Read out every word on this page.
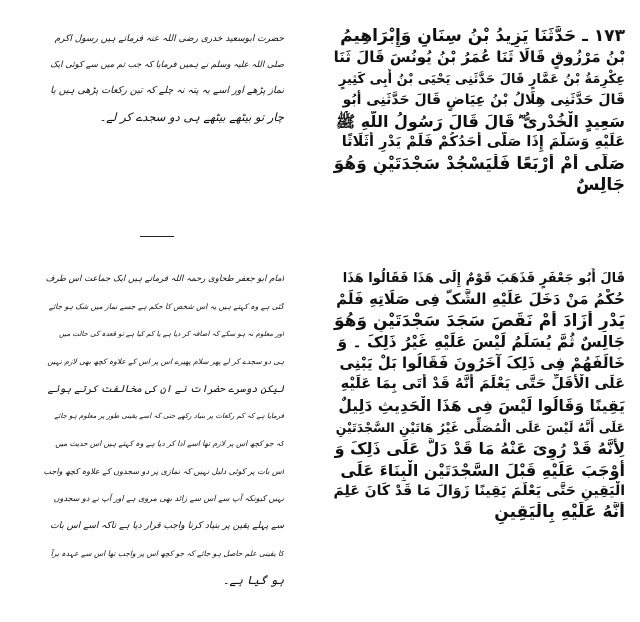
۱۷۳ ـ حَدَّثَنَا یَزِیدُ بْنُ سِنَانٍ وَإِبْرَاهِیمُ
بْنُ مَرْزُوقٍ قَالَا ثَنَا عُمَرُ بْنُ یُونُسَ قَالَ ثَنَا
عِکْرِمَةُ بْنُ عَمَّارٍ قَالَ حَدَّثَنِی یَحْیَی بْنُ أَبِی کَثِیرٍ
قَالَ حَدَّثَنِی هِلَالُ بْنُ عِیَاضٍ قَالَ حَدَّثَنِی أَبُو
سَعِیدٍ الْخُدْرِیُّ ؓ قَالَ قَالَ رَسُولُ اللَّهِ ﷺ
عَلَیْهِ وَسَلَّمَ إِذَا صَلَّى أَحَدُکُمْ فَلَمْ یَدْرِ أَثَلَاثًا
صَلَّى أَمْ أَرْبَعًا فَلْیَسْجُدْ سَجْدَتَیْنِ وَهُوَ
جَالِسٌ
حضرت ابوسعید خدری رضی اللہ عنہ فرماتے ہیں رسول اکرم
صلی اللہ علیہ وسلم نے ہمیں فرمایا کہ جب تم میں سے کوئی ایک
نماز پڑھے اور اسے یہ پتہ نہ چلے کہ تین رکعات پڑھی ہیں یا
چار تو بیٹھے بیٹھے ہی دو سجدے کر لے۔
قَالَ أَبُو جَعْفَرٍ فَذَهَبَ قَوْمٌ إِلَى هَذَا فَقَالُوا هَذَا
حُکْمُ مَنْ دَخَلَ عَلَیْهِ الشَّکُّ فِی صَلَاتِهِ فَلَمْ
یَدْرِ أَزَادَ أَمْ نَقَصَ سَجَدَ سَجْدَتَیْنِ وَهُوَ
جَالِسٌ ثُمَّ یُسَلِّمُ لَیْسَ عَلَیْهِ غَیْرُ ذَلِکَ ۔ وَ
خَالَفَهُمْ فِی ذَلِکَ آخَرُونَ فَقَالُوا بَلْ یَبْنِی
عَلَى الْأَقَلِّ حَتَّى یَعْلَمَ أَنَّهُ قَدْ أَتَى بِمَا عَلَیْهِ
یَقِینًا وَقَالُوا لَیْسَ فِی هَذَا الْحَدِیثِ دَلِیلٌ
عَلَى أَنَّهُ لَیْسَ عَلَى الْمُصَلِّی غَیْرُ هَاتَیْنِ السَّجْدَتَیْنِ
لِأَنَّهُ قَدْ رُوِیَ عَنْهُ مَا قَدْ دَلَّ عَلَى ذَلِکَ وَ
أَوْجَبَ عَلَیْهِ قَبْلَ السَّجْدَتَیْنِ الْبِنَاءَ عَلَى
الْیَقِینِ حَتَّى یَعْلَمَ یَقِینًا زَوَالَ مَا قَدْ کَانَ عَلِمَ
أَنَّهُ عَلَیْهِ بِالْیَقِینِ
امام ابو جعفر طحاوی رحمہ اللہ فرماتے ہیں ایک جماعت اس طرف
گئی ہے وہ کہتے ہیں یہ اس شخص کا حکم ہے جسے نماز میں شک ہو جائے
اور معلوم نہ ہو سکے کہ اضافہ کر دیا ہے یا کم کیا ہے تو قعدہ کی حالت میں
ہی دو سجدے کر لے پھر سلام پھیرے اس پر اس کے علاوہ کچھ بھی لازم نہیں
لیکن دوسرے حضرات نے ان کی مخالفت کرتے ہوئے
فرمایا ہے کہ کم رکعات پر بنیاد رکھے حتی کہ اسے یقینی طور پر معلوم ہو جائے
کہ جو کچھ اس پر لازم تھا اسے ادا کر دیا ہے وہ کہتے ہیں اس حدیث میں
اس بات پر کوئی دلیل نہیں کہ نمازی پر دو سجدوں کے علاوہ کچھ واجب
نہیں کیونکہ آپ سے اس سے زائد بھی مروی ہے اور آپ نے دو سجدوں
سے پہلے یقین پر بنیاد کرنا واجب قرار دیا ہے تاکہ اسے اس بات
کا یقینی علم حاصل ہو جائے کہ جو کچھ اس پر واجب تھا اس سے عہدہ برآ
ہو گیا ہے۔
